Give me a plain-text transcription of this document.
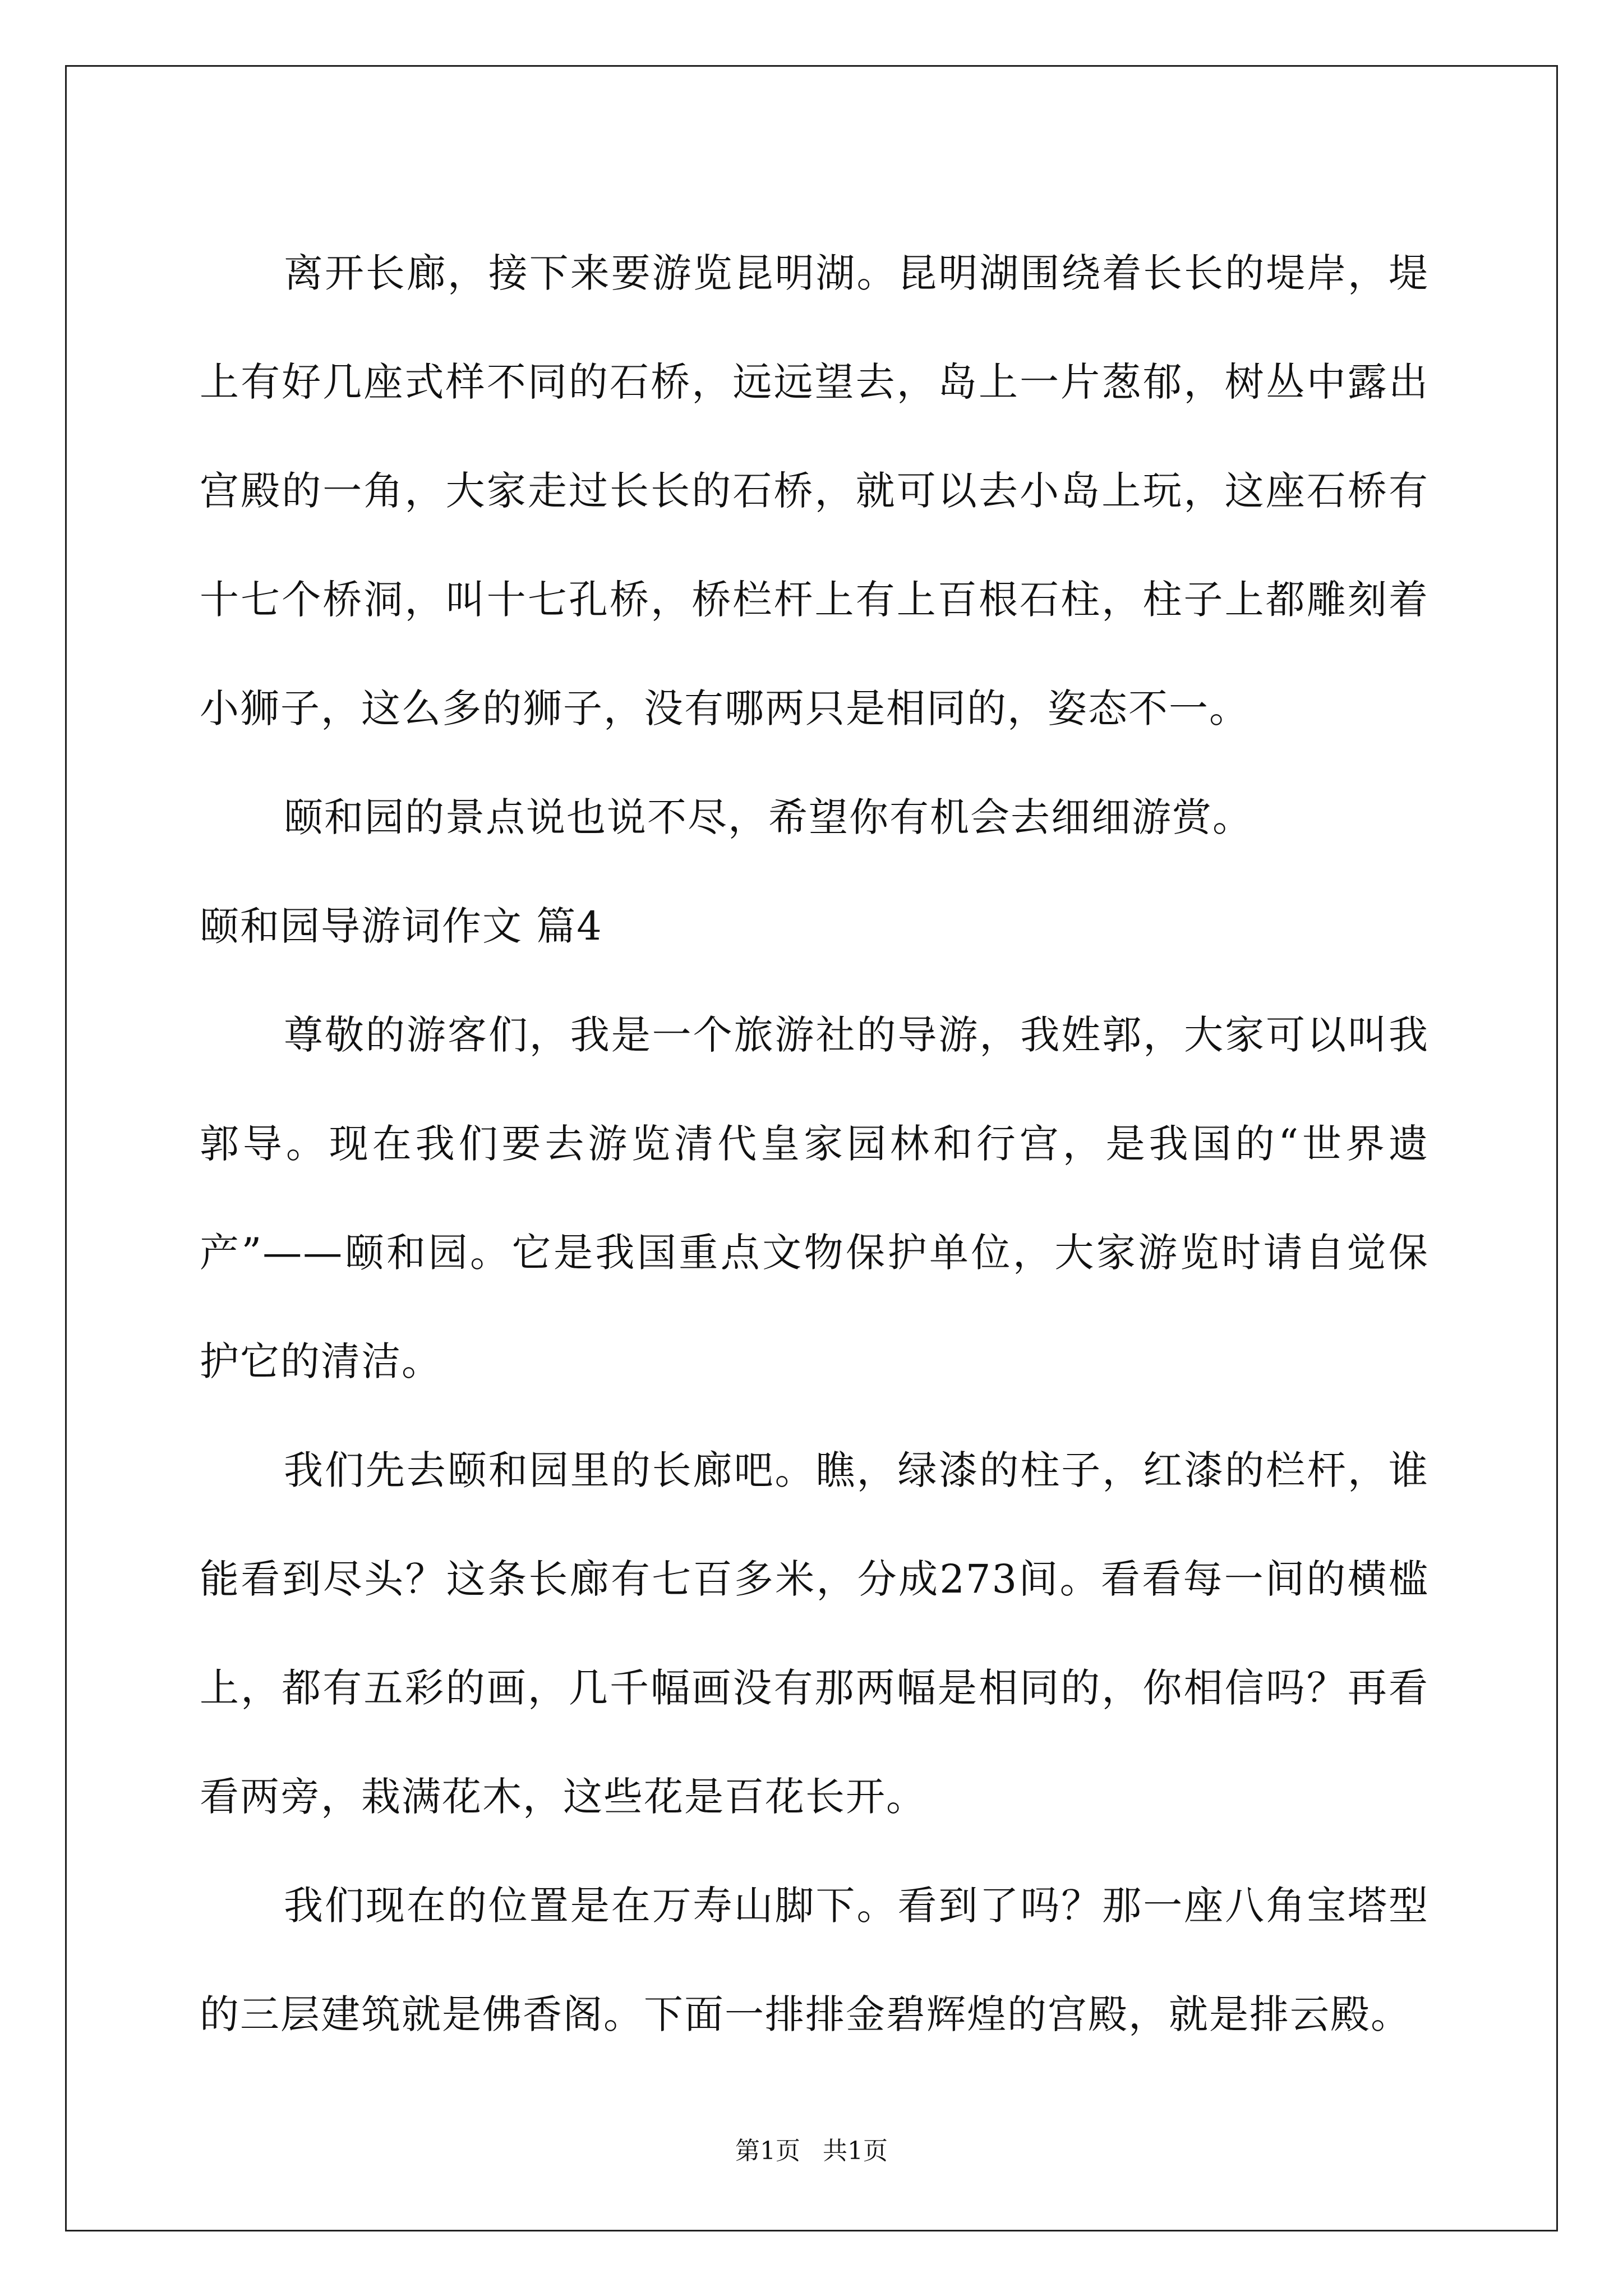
离开长廊，接下来要游览昆明湖。昆明湖围绕着长长的堤岸，堤上有好几座式样不同的石桥，远远望去，岛上一片葱郁，树丛中露出宫殿的一角，大家走过长长的石桥，就可以去小岛上玩，这座石桥有十七个桥洞，叫十七孔桥，桥栏杆上有上百根石柱，柱子上都雕刻着小狮子，这么多的狮子，没有哪两只是相同的，姿态不一。

颐和园的景点说也说不尽，希望你有机会去细细游赏。

颐和园导游词作文 篇4

尊敬的游客们，我是一个旅游社的导游，我姓郭，大家可以叫我郭导。现在我们要去游览清代皇家园林和行宫，是我国的“世界遗产”——颐和园。它是我国重点文物保护单位，大家游览时请自觉保护它的清洁。

我们先去颐和园里的长廊吧。瞧，绿漆的柱子，红漆的栏杆，谁能看到尽头？这条长廊有七百多米，分成273间。看看每一间的横槛上，都有五彩的画，几千幅画没有那两幅是相同的，你相信吗？再看看两旁，栽满花木，这些花是百花长开。

我们现在的位置是在万寿山脚下。看到了吗？那一座八角宝塔型的三层建筑就是佛香阁。下面一排排金碧辉煌的宫殿，就是排云殿。

第1页 共1页
